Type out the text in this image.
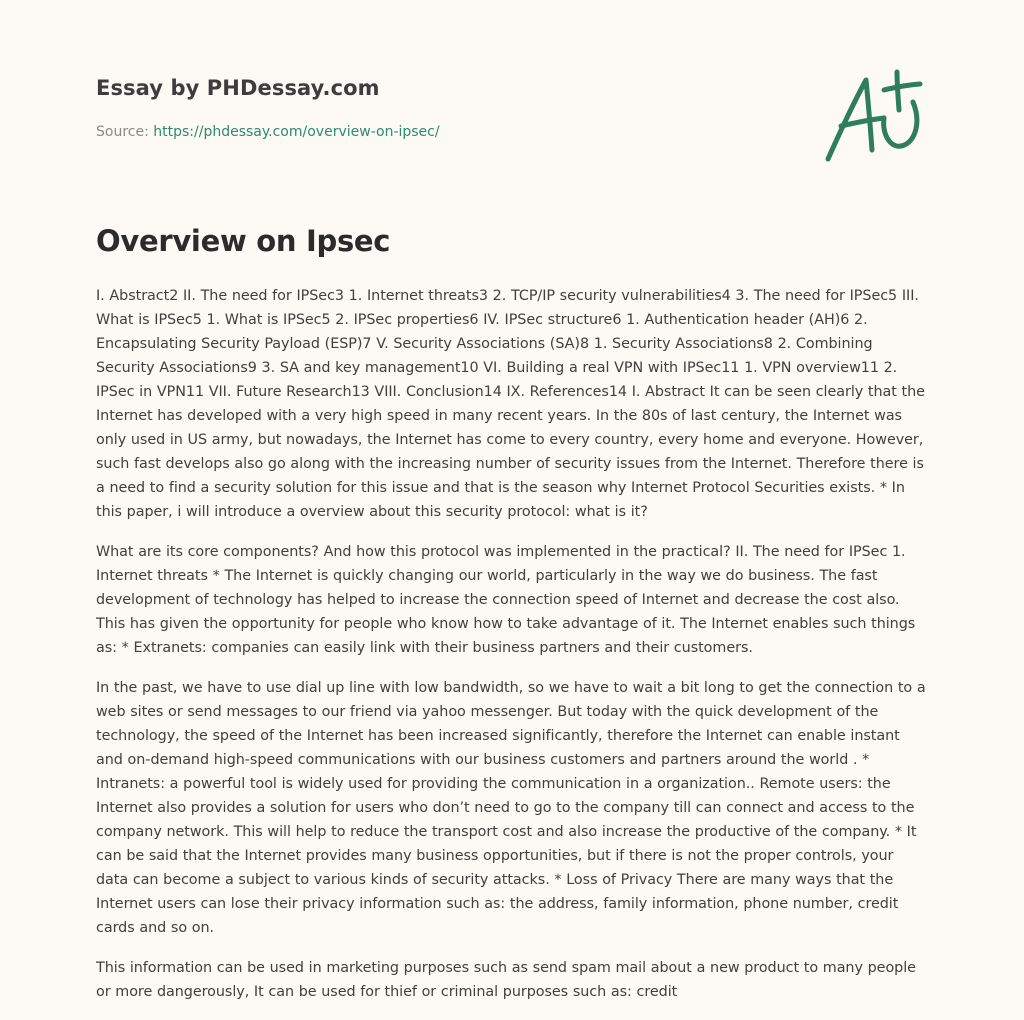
Essay by PHDessay.com
Source: https://phdessay.com/overview-on-ipsec/
Overview on Ipsec

I. Abstract2 II. The need for IPSec3 1. Internet threats3 2. TCP/IP security vulnerabilities4 3. The need for IPSec5 III. What is IPSec5 1. What is IPSec5 2. IPSec properties6 IV. IPSec structure6 1. Authentication header (AH)6 2. Encapsulating Security Payload (ESP)7 V. Security Associations (SA)8 1. Security Associations8 2. Combining Security Associations9 3. SA and key management10 VI. Building a real VPN with IPSec11 1. VPN overview11 2. IPSec in VPN11 VII. Future Research13 VIII. Conclusion14 IX. References14 I. Abstract It can be seen clearly that the Internet has developed with a very high speed in many recent years. In the 80s of last century, the Internet was only used in US army, but nowadays, the Internet has come to every country, every home and everyone. However, such fast develops also go along with the increasing number of security issues from the Internet. Therefore there is a need to find a security solution for this issue and that is the season why Internet Protocol Securities exists. * In this paper, i will introduce a overview about this security protocol: what is it?

What are its core components? And how this protocol was implemented in the practical? II. The need for IPSec 1. Internet threats * The Internet is quickly changing our world, particularly in the way we do business. The fast development of technology has helped to increase the connection speed of Internet and decrease the cost also. This has given the opportunity for people who know how to take advantage of it. The Internet enables such things as: * Extranets: companies can easily link with their business partners and their customers.

In the past, we have to use dial up line with low bandwidth, so we have to wait a bit long to get the connection to a web sites or send messages to our friend via yahoo messenger. But today with the quick development of the technology, the speed of the Internet has been increased significantly, therefore the Internet can enable instant and on-demand high-speed communications with our business customers and partners around the world . * Intranets: a powerful tool is widely used for providing the communication in a organization.. Remote users: the Internet also provides a solution for users who don’t need to go to the company till can connect and access to the company network. This will help to reduce the transport cost and also increase the productive of the company. * It can be said that the Internet provides many business opportunities, but if there is not the proper controls, your data can become a subject to various kinds of security attacks. * Loss of Privacy There are many ways that the Internet users can lose their privacy information such as: the address, family information, phone number, credit cards and so on.

This information can be used in marketing purposes such as send spam mail about a new product to many people or more dangerously, It can be used for thief or criminal purposes such as: credit
